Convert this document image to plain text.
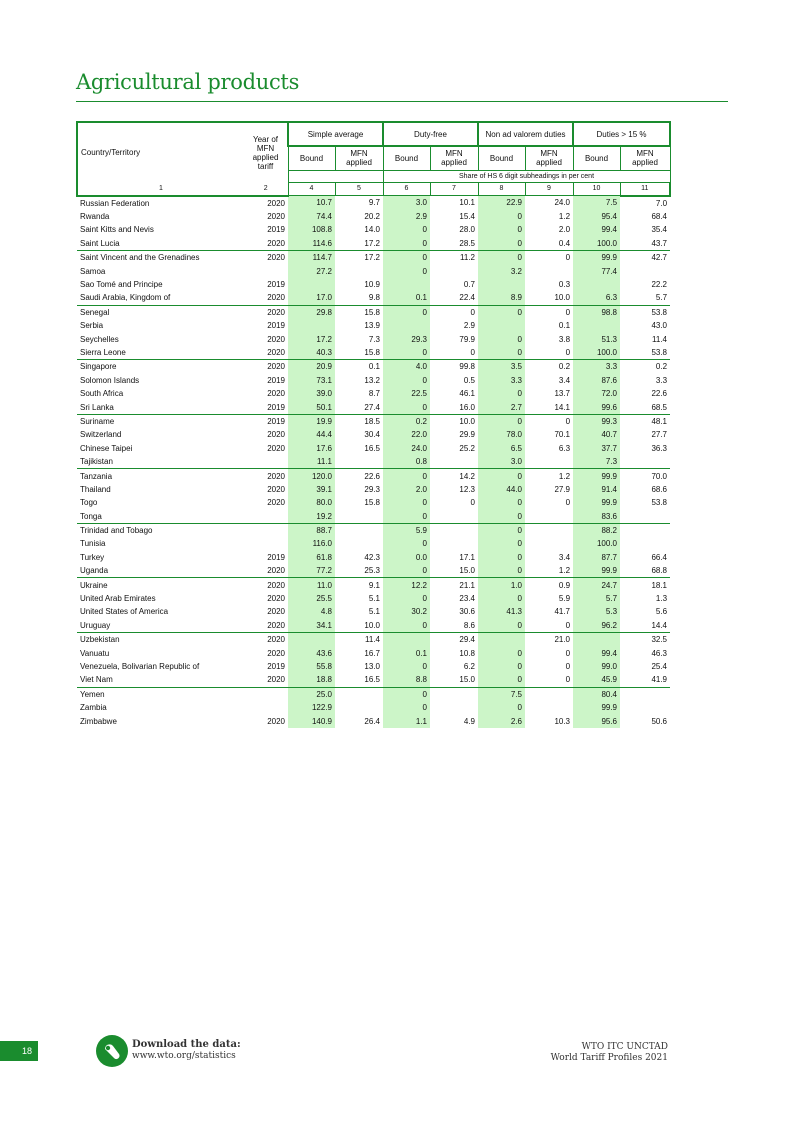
Agricultural products
Country/Territory	Year of MFN applied tariff	Simple average		Duty-free		Non ad valorem duties		Duties > 15 %	
		Bound	MFN applied	Bound	MFN applied	Bound	MFN applied	Bound	MFN applied
				Share of HS 6 digit subheadings in per cent					
1	2	4	5	6	7	8	9	10	11
Russian Federation	2020	10.7	9.7	3.0	10.1	22.9	24.0	7.5	7.0
Rwanda	2020	74.4	20.2	2.9	15.4	0	1.2	95.4	68.4
Saint Kitts and Nevis	2019	108.8	14.0	0	28.0	0	2.0	99.4	35.4
Saint Lucia	2020	114.6	17.2	0	28.5	0	0.4	100.0	43.7
Saint Vincent and the Grenadines	2020	114.7	17.2	0	11.2	0	0	99.9	42.7
Samoa		27.2		0		3.2		77.4	
Sao Tomé and Principe	2019		10.9		0.7		0.3		22.2
Saudi Arabia, Kingdom of	2020	17.0	9.8	0.1	22.4	8.9	10.0	6.3	5.7
Senegal	2020	29.8	15.8	0	0	0	0	98.8	53.8
Serbia	2019		13.9		2.9		0.1		43.0
Seychelles	2020	17.2	7.3	29.3	79.9	0	3.8	51.3	11.4
Sierra Leone	2020	40.3	15.8	0	0	0	0	100.0	53.8
Singapore	2020	20.9	0.1	4.0	99.8	3.5	0.2	3.3	0.2
Solomon Islands	2019	73.1	13.2	0	0.5	3.3	3.4	87.6	3.3
South Africa	2020	39.0	8.7	22.5	46.1	0	13.7	72.0	22.6
Sri Lanka	2019	50.1	27.4	0	16.0	2.7	14.1	99.6	68.5
Suriname	2019	19.9	18.5	0.2	10.0	0	0	99.3	48.1
Switzerland	2020	44.4	30.4	22.0	29.9	78.0	70.1	40.7	27.7
Chinese Taipei	2020	17.6	16.5	24.0	25.2	6.5	6.3	37.7	36.3
Tajikistan		11.1		0.8		3.0		7.3	
Tanzania	2020	120.0	22.6	0	14.2	0	1.2	99.9	70.0
Thailand	2020	39.1	29.3	2.0	12.3	44.0	27.9	91.4	68.6
Togo	2020	80.0	15.8	0	0	0	0	99.9	53.8
Tonga		19.2		0		0		83.6	
Trinidad and Tobago		88.7		5.9		0		88.2	
Tunisia		116.0		0		0		100.0	
Turkey	2019	61.8	42.3	0.0	17.1	0	3.4	87.7	66.4
Uganda	2020	77.2	25.3	0	15.0	0	1.2	99.9	68.8
Ukraine	2020	11.0	9.1	12.2	21.1	1.0	0.9	24.7	18.1
United Arab Emirates	2020	25.5	5.1	0	23.4	0	5.9	5.7	1.3
United States of America	2020	4.8	5.1	30.2	30.6	41.3	41.7	5.3	5.6
Uruguay	2020	34.1	10.0	0	8.6	0	0	96.2	14.4
Uzbekistan	2020		11.4		29.4		21.0		32.5
Vanuatu	2020	43.6	16.7	0.1	10.8	0	0	99.4	46.3
Venezuela, Bolivarian Republic of	2019	55.8	13.0	0	6.2	0	0	99.0	25.4
Viet Nam	2020	18.8	16.5	8.8	15.0	0	0	45.9	41.9
Yemen		25.0		0		7.5		80.4	
Zambia		122.9		0		0		99.9	
Zimbabwe	2020	140.9	26.4	1.1	4.9	2.6	10.3	95.6	50.6
18
Download the data:
www.wto.org/statistics
WTO ITC UNCTAD
World Tariff Profiles 2021
